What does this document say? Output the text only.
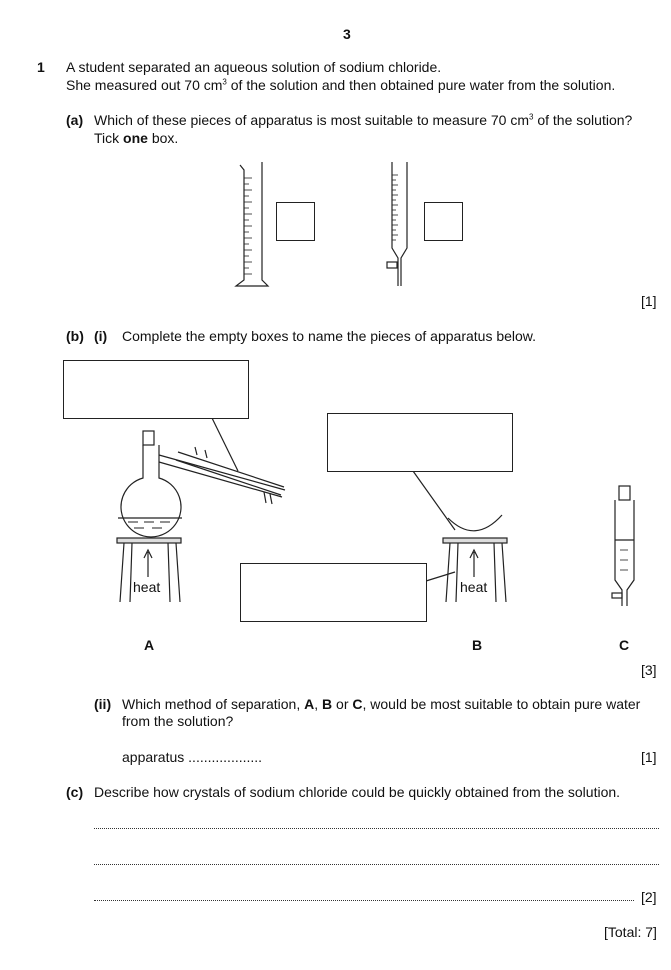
3
1 A student separated an aqueous solution of sodium chloride.
She measured out 70 $cm^3$ of the solution and then obtained pure water from the solution.
(a) Which of these pieces of apparatus is most suitable to measure 70 $cm^3$ of the solution?
Tick one box.
[1]
(b) (i) Complete the empty boxes to name the pieces of apparatus below.
heat	heat
A	B	C
[3]
(ii) Which method of separation, A, B or C, would be most suitable to obtain pure water
from the solution?
apparatus ...................	[1]
(c) Describe how crystals of sodium chloride could be quickly obtained from the solution.
[2]
[Total: 7]
